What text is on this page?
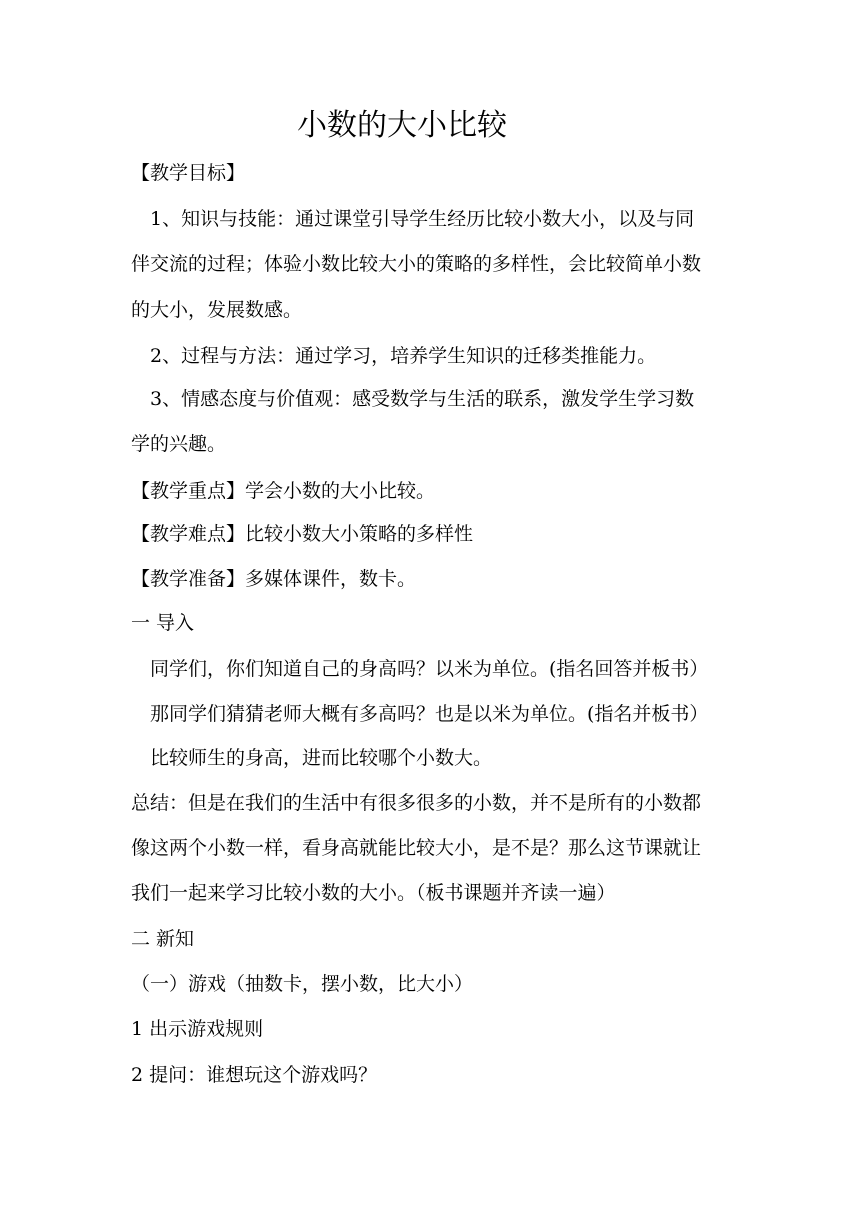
小数的大小比较
【教学目标】
1、知识与技能：通过课堂引导学生经历比较小数大小，以及与同
伴交流的过程；体验小数比较大小的策略的多样性，会比较简单小数
的大小，发展数感。
2、过程与方法：通过学习，培养学生知识的迁移类推能力。
3、情感态度与价值观：感受数学与生活的联系，激发学生学习数
学的兴趣。
【教学重点】学会小数的大小比较。
【教学难点】比较小数大小策略的多样性
【教学准备】多媒体课件，数卡。
一 导入
同学们，你们知道自己的身高吗？以米为单位。(指名回答并板书）
那同学们猜猜老师大概有多高吗？也是以米为单位。(指名并板书）
比较师生的身高，进而比较哪个小数大。
总结：但是在我们的生活中有很多很多的小数，并不是所有的小数都
像这两个小数一样，看身高就能比较大小，是不是？那么这节课就让
我们一起来学习比较小数的大小。（板书课题并齐读一遍）
二 新知
（一）游戏（抽数卡，摆小数，比大小）
1 出示游戏规则
2 提问：谁想玩这个游戏吗？
